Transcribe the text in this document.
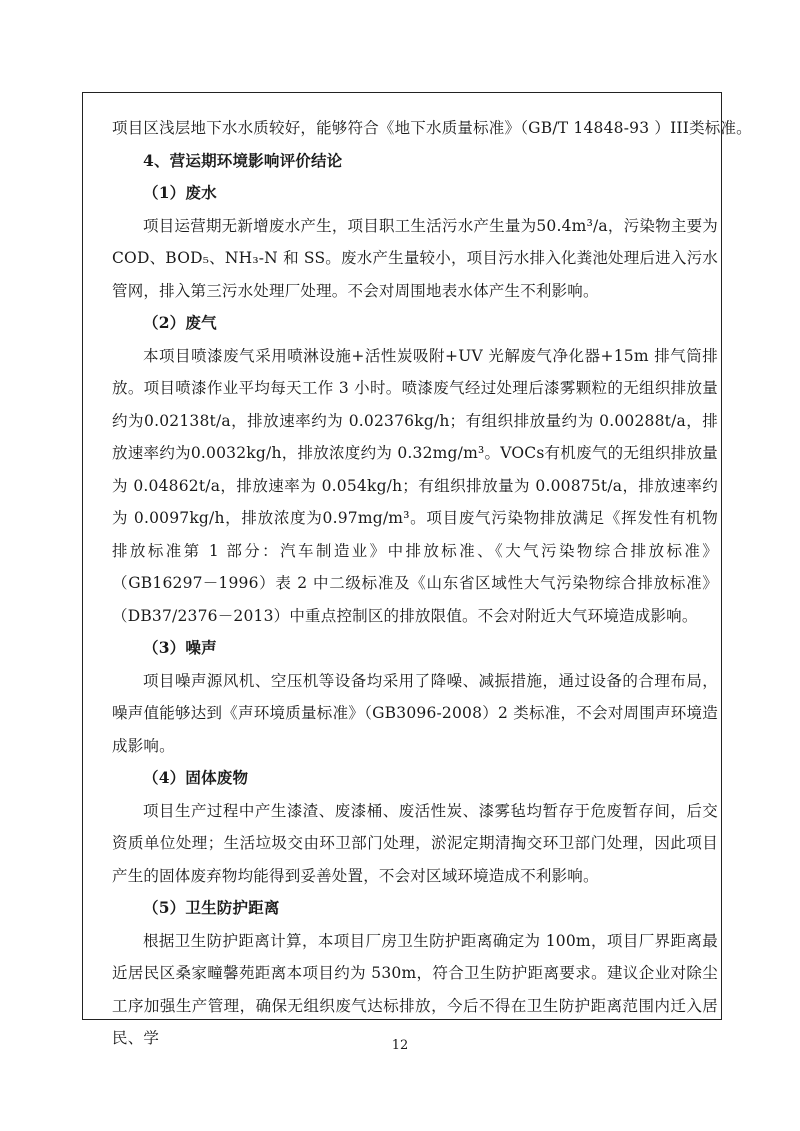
项目区浅层地下水水质较好，能够符合《地下水质量标准》（GB/T 14848-93 ）III类标准。
4、营运期环境影响评价结论
（1）废水
项目运营期无新增废水产生，项目职工生活污水产生量为50.4m³/a，污染物主要为COD、BOD₅、NH₃-N 和 SS。废水产生量较小，项目污水排入化粪池处理后进入污水管网，排入第三污水处理厂处理。不会对周围地表水体产生不利影响。
（2）废气
本项目喷漆废气采用喷淋设施+活性炭吸附+UV 光解废气净化器+15m 排气筒排放。项目喷漆作业平均每天工作 3 小时。喷漆废气经过处理后漆雾颗粒的无组织排放量约为0.02138t/a，排放速率约为 0.02376kg/h；有组织排放量约为 0.00288t/a，排放速率约为0.0032kg/h，排放浓度约为 0.32mg/m³。VOCs有机废气的无组织排放量为 0.04862t/a，排放速率为 0.054kg/h；有组织排放量为 0.00875t/a，排放速率约为 0.0097kg/h，排放浓度为0.97mg/m³。项目废气污染物排放满足《挥发性有机物排放标准第 1 部分：汽车制造业》中排放标准、《大气污染物综合排放标准》（GB16297－1996）表 2 中二级标准及《山东省区域性大气污染物综合排放标准》（DB37/2376－2013）中重点控制区的排放限值。不会对附近大气环境造成影响。
（3）噪声
项目噪声源风机、空压机等设备均采用了降噪、减振措施，通过设备的合理布局，噪声值能够达到《声环境质量标准》（GB3096-2008）2 类标准，不会对周围声环境造成影响。
（4）固体废物
项目生产过程中产生漆渣、废漆桶、废活性炭、漆雾毡均暂存于危废暂存间，后交资质单位处理；生活垃圾交由环卫部门处理，淤泥定期清掏交环卫部门处理，因此项目产生的固体废弃物均能得到妥善处置，不会对区域环境造成不利影响。
（5）卫生防护距离
根据卫生防护距离计算，本项目厂房卫生防护距离确定为 100m，项目厂界距离最近居民区桑家疃馨苑距离本项目约为 530m，符合卫生防护距离要求。建议企业对除尘工序加强生产管理，确保无组织废气达标排放，今后不得在卫生防护距离范围内迁入居民、学	12
